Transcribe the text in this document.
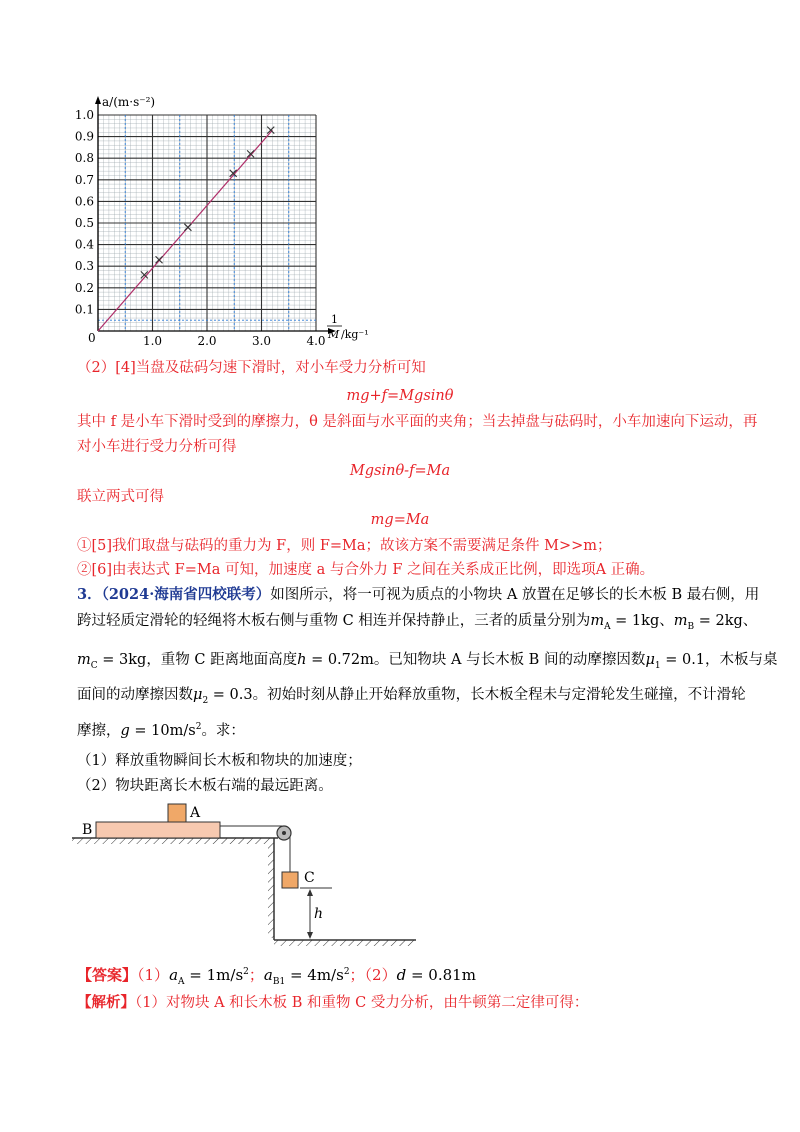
0.1
0.2
0.3
0.4
0.5
0.6
0.7
0.8
0.9
1.0
1.0	2.0	3.0	4.0
a/(m·s⁻²)
0
1
M /kg⁻¹
（2）[4]当盘及砝码匀速下滑时，对小车受力分析可知
mg+f=Mgsinθ
其中 f 是小车下滑时受到的摩擦力，θ 是斜面与水平面的夹角；当去掉盘与砝码时，小车加速向下运动，再
对小车进行受力分析可得
Mgsinθ-f=Ma
联立两式可得
mg=Ma
①[5]我们取盘与砝码的重力为 F，则 F=Ma；故该方案不需要满足条件 M>>m；
②[6]由表达式 F=Ma 可知，加速度 a 与合外力 F 之间在关系成正比例，即选项A 正确。
3．（2024·海南省四校联考）如图所示，将一可视为质点的小物块 A 放置在足够长的长木板 B 最右侧，用
跨过轻质定滑轮的轻绳将木板右侧与重物 C 相连并保持静止，三者的质量分别为$m_A = 1kg$、$m_B = 2kg$、
$m_C = 3kg$，重物 C 距离地面高度h = 0.72m。已知物块 A 与长木板 B 间的动摩擦因数$\mu_1 = 0.1$，木板与桌
面间的动摩擦因数$\mu_2 = 0.3$。初始时刻从静止开始释放重物，长木板全程未与定滑轮发生碰撞，不计滑轮
摩擦，$g = 10m/s^2$。求：
（1）释放重物瞬间长木板和物块的加速度；
（2）物块距离长木板右端的最远距离。
B
A
C
h
【答案】$(1)a_A = 1m/s^2$；$a_{B1} = 4m/s^2$；（2）d = 0.81m
【解析】（1）对物块 A 和长木板 B 和重物 C 受力分析，由牛顿第二定律可得：
